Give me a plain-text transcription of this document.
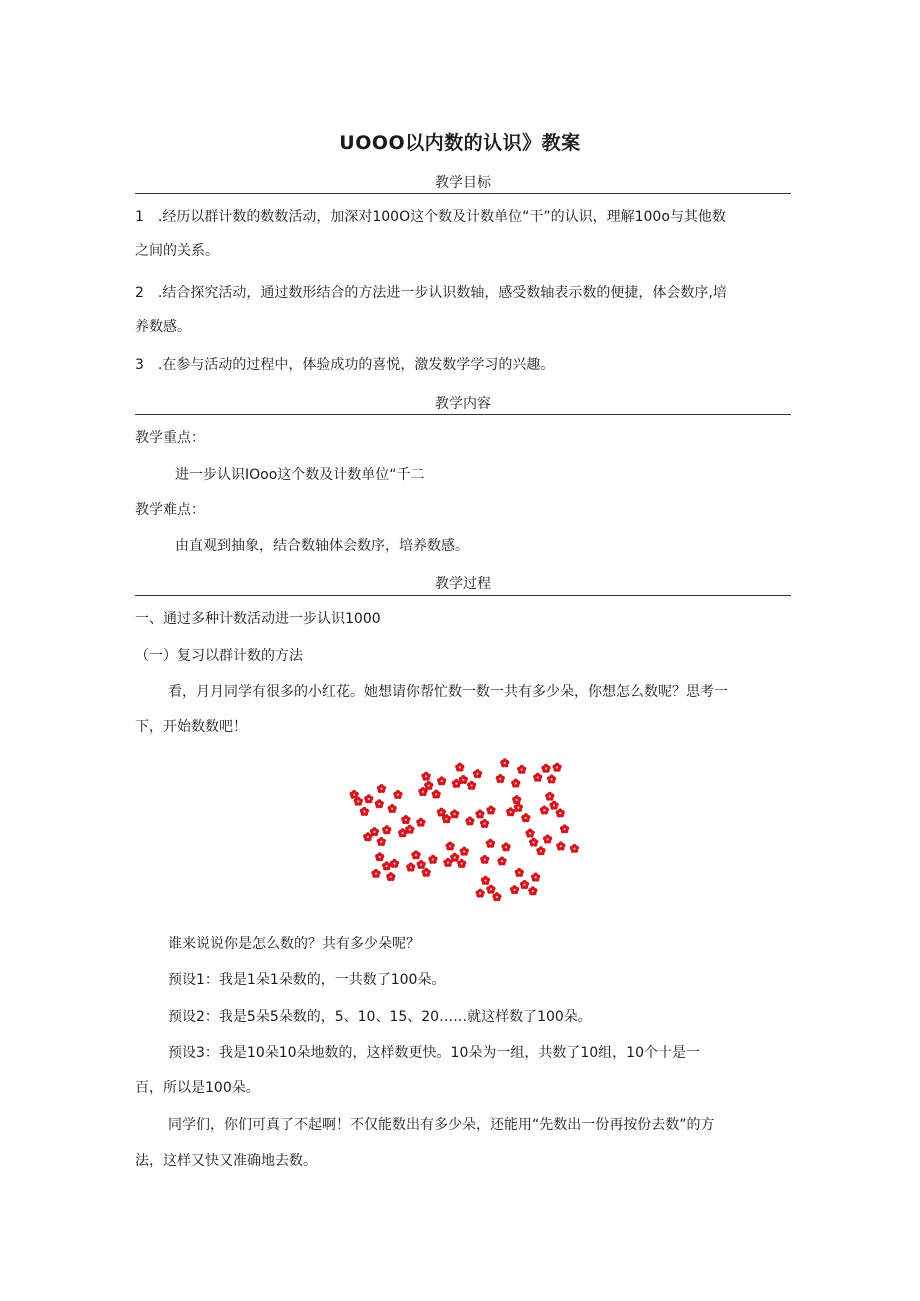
UOOO以内数的认识》教案
教学目标
1　.经历以群计数的数数活动，加深对100O这个数及计数单位“干”的认识，理解100o与其他数
之间的关系。
2　.结合探究活动，通过数形结合的方法进一步认识数轴，感受数轴表示数的便捷，体会数序,培
养数感。
3　.在参与活动的过程中，体验成功的喜悦，激发数学学习的兴趣。
教学内容
教学重点：
进一步认识IOoo这个数及计数单位“千二
教学难点：
由直观到抽象，结合数轴体会数序，培养数感。
教学过程
一、通过多种计数活动进一步认识1000
（一）复习以群计数的方法
看，月月同学有很多的小红花。她想请你帮忙数一数一共有多少朵，你想怎么数呢？思考一
下，开始数数吧！
谁来说说你是怎么数的？共有多少朵呢？
预设1：我是1朵1朵数的，一共数了100朵。
预设2：我是5朵5朵数的，5、10、15、20……就这样数了100朵。
预设3：我是10朵10朵地数的，这样数更快。10朵为一组，共数了10组，10个十是一
百，所以是100朵。
同学们，你们可真了不起啊！不仅能数出有多少朵，还能用“先数出一份再按份去数”的方
法，这样又快又准确地去数。
